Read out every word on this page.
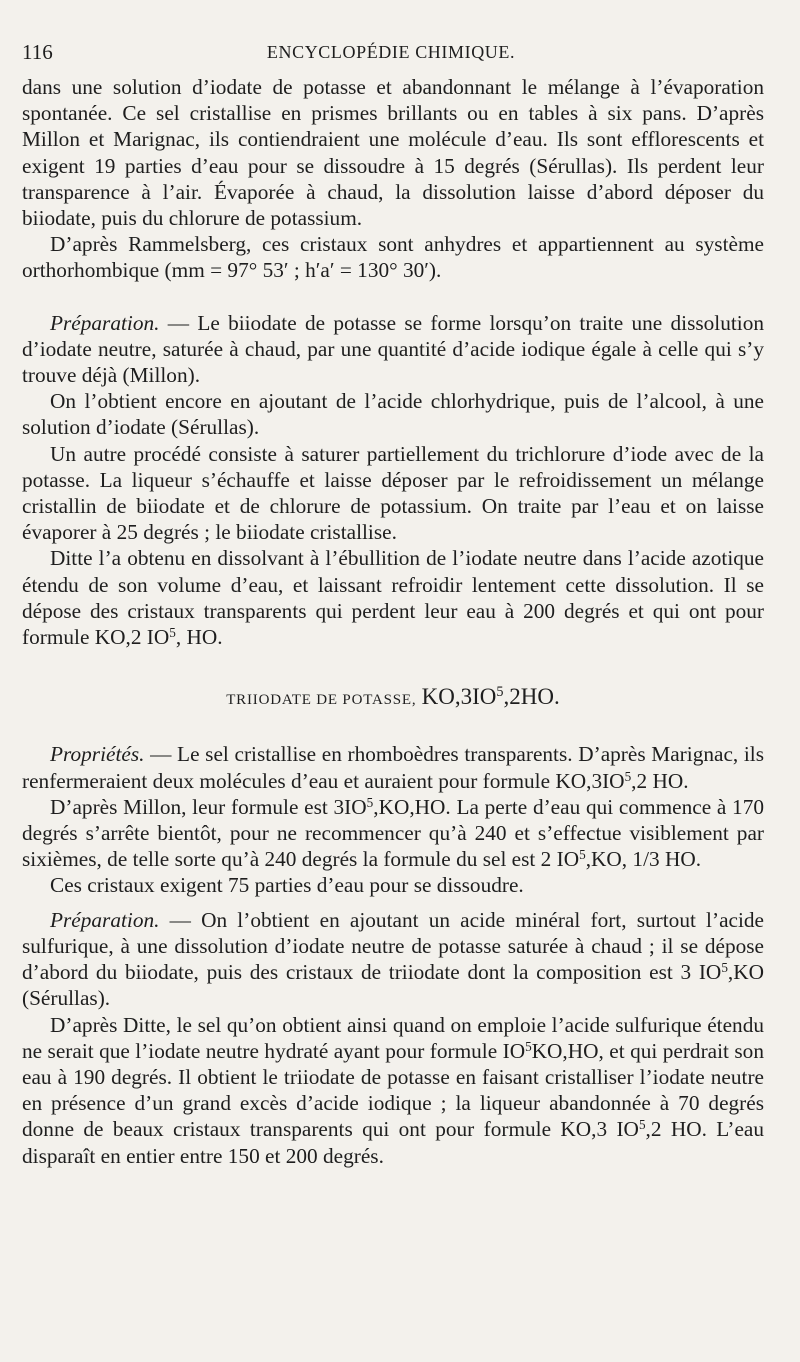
116	ENCYCLOPÉDIE CHIMIQUE.

dans une solution d’iodate de potasse et abandonnant le mélange à l’évaporation spontanée. Ce sel cristallise en prismes brillants ou en tables à six pans. D’après Millon et Marignac, ils contiendraient une molécule d’eau. Ils sont efflorescents et exigent 19 parties d’eau pour se dissoudre à 15 degrés (Sérullas). Ils perdent leur transparence à l’air. Évaporée à chaud, la dissolution laisse d’abord déposer du biiodate, puis du chlorure de potassium.

D’après Rammelsberg, ces cristaux sont anhydres et appartiennent au système orthorhombique (mm = 97° 53′ ; h′a′ = 130° 30′).

Préparation. — Le biiodate de potasse se forme lorsqu’on traite une dissolution d’iodate neutre, saturée à chaud, par une quantité d’acide iodique égale à celle qui s’y trouve déjà (Millon).

On l’obtient encore en ajoutant de l’acide chlorhydrique, puis de l’alcool, à une solution d’iodate (Sérullas).

Un autre procédé consiste à saturer partiellement du trichlorure d’iode avec de la potasse. La liqueur s’échauffe et laisse déposer par le refroidissement un mélange cristallin de biiodate et de chlorure de potassium. On traite par l’eau et on laisse évaporer à 25 degrés ; le biiodate cristallise.

Ditte l’a obtenu en dissolvant à l’ébullition de l’iodate neutre dans l’acide azotique étendu de son volume d’eau, et laissant refroidir lentement cette dissolution. Il se dépose des cristaux transparents qui perdent leur eau à 200 degrés et qui ont pour formule KO,2 $IO^5$, HO.

TRIIODATE DE POTASSE, $KO,3IO^5,2HO$.

Propriétés. — Le sel cristallise en rhomboèdres transparents. D’après Marignac, ils renfermeraient deux molécules d’eau et auraient pour formule $KO,3IO^5,2$ HO.

D’après Millon, leur formule est $3IO^5,KO,HO$. La perte d’eau qui commence à 170 degrés s’arrête bientôt, pour ne recommencer qu’à 240 et s’effectue visiblement par sixièmes, de telle sorte qu’à 240 degrés la formule du sel est 2 $IO^5,KO$, 1/3 HO.

Ces cristaux exigent 75 parties d’eau pour se dissoudre.

Préparation. — On l’obtient en ajoutant un acide minéral fort, surtout l’acide sulfurique, à une dissolution d’iodate neutre de potasse saturée à chaud ; il se dépose d’abord du biiodate, puis des cristaux de triiodate dont la composition est 3 $IO^5,KO$ (Sérullas).

D’après Ditte, le sel qu’on obtient ainsi quand on emploie l’acide sulfurique étendu ne serait que l’iodate neutre hydraté ayant pour formule $IO^5KO,HO$, et qui perdrait son eau à 190 degrés. Il obtient le triiodate de potasse en faisant cristalliser l’iodate neutre en présence d’un grand excès d’acide iodique ; la liqueur abandonnée à 70 degrés donne de beaux cristaux transparents qui ont pour formule KO,3 $IO^5,2$ HO. L’eau disparaît en entier entre 150 et 200 degrés.
